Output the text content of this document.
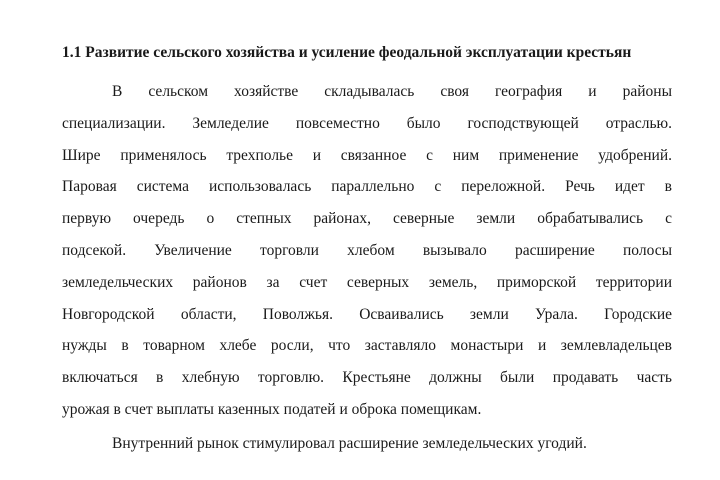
1.1 Развитие сельского хозяйства и усиление феодальной эксплуатации крестьян
В сельском хозяйстве складывалась своя география и районы
специализации. Земледелие повсеместно было господствующей отраслью.
Шире применялось трехполье и связанное с ним применение удобрений.
Паровая система использовалась параллельно с переложной. Речь идет в
первую очередь о степных районах, северные земли обрабатывались с
подсекой. Увеличение торговли хлебом вызывало расширение полосы
земледельческих районов за счет северных земель, приморской территории
Новгородской области, Поволжья. Осваивались земли Урала. Городские
нужды в товарном хлебе росли, что заставляло монастыри и землевладельцев
включаться в хлебную торговлю. Крестьяне должны были продавать часть
урожая в счет выплаты казенных податей и оброка помещикам.
Внутренний рынок стимулировал расширение земледельческих угодий.
